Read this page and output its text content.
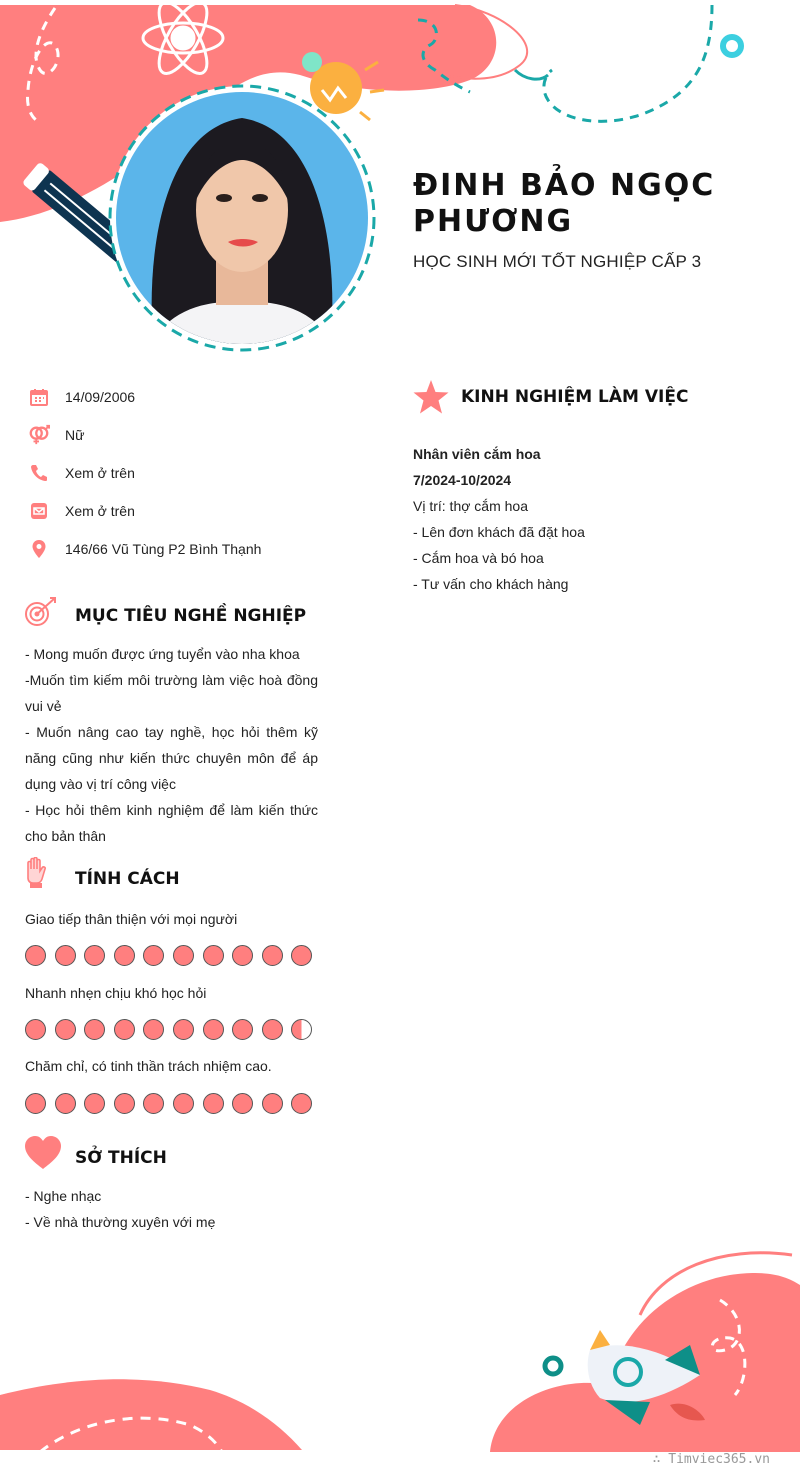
ĐINH BẢO NGỌC PHƯƠNG
HỌC SINH MỚI TỐT NGHIỆP CẤP 3
14/09/2006
Nữ
Xem ở trên
Xem ở trên
146/66 Vũ Tùng P2 Bình Thạnh
MỤC TIÊU NGHỀ NGHIỆP
- Mong muốn được ứng tuyển vào nha khoa
-Muốn tìm kiếm môi trường làm việc hoà đồng vui vẻ
- Muốn nâng cao tay nghề, học hỏi thêm kỹ năng cũng như kiến thức chuyên môn để áp dụng vào vị trí công việc
- Học hỏi thêm kinh nghiệm để làm kiến thức cho bản thân
TÍNH CÁCH
Giao tiếp thân thiện với mọi người
Nhanh nhẹn chịu khó học hỏi
Chăm chỉ, có tinh thần trách nhiệm cao.
SỞ THÍCH
- Nghe nhạc
- Về nhà thường xuyên với mẹ
KINH NGHIỆM LÀM VIỆC
Nhân viên cắm hoa
7/2024-10/2024
Vị trí: thợ cắm hoa
- Lên đơn khách đã đặt hoa
- Cắm hoa và bó hoa
- Tư vấn cho khách hàng
∴ Timviec365.vn
